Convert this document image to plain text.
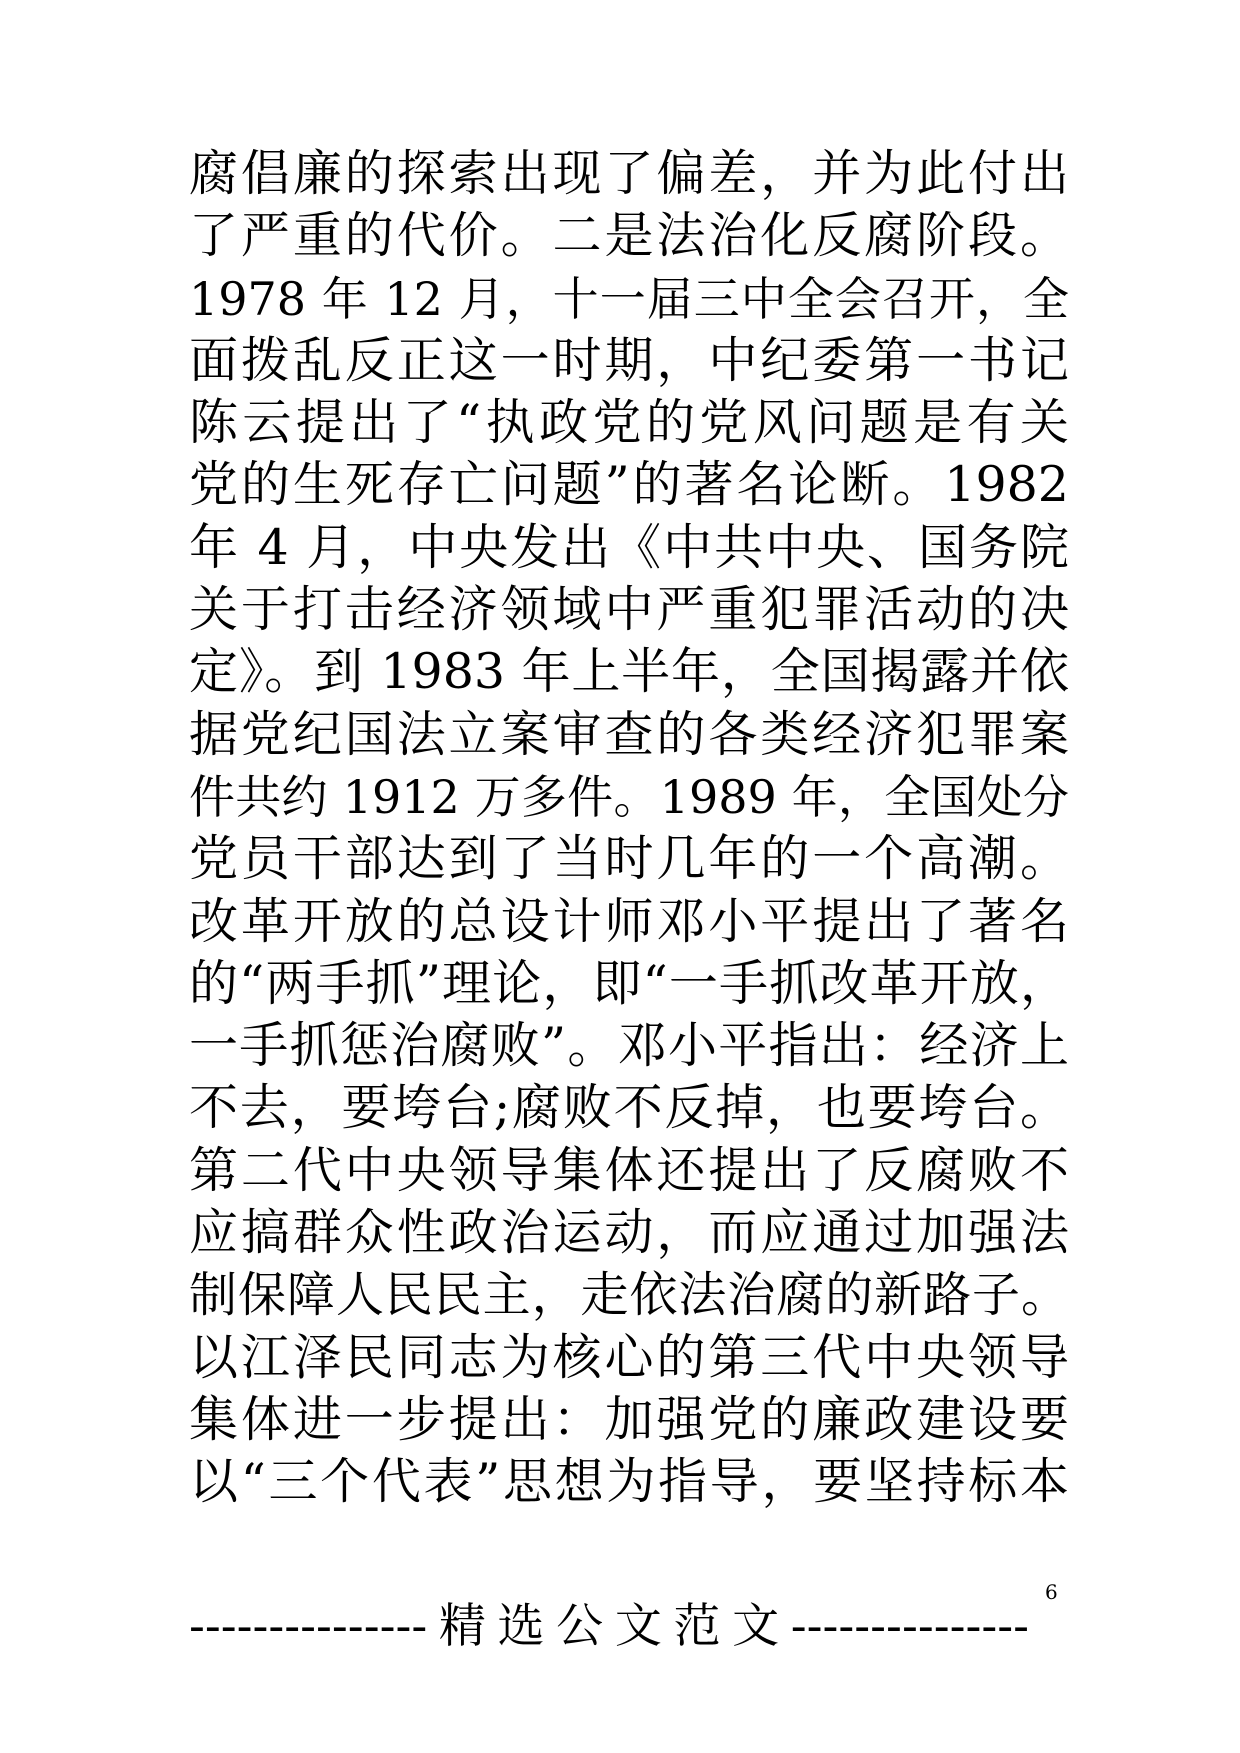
腐倡廉的探索出现了偏差，并为此付出
了严重的代价。二是法治化反腐阶段。
1978 年 12 月，十一届三中全会召开，全
面拨乱反正这一时期，中纪委第一书记
陈云提出了“执政党的党风问题是有关
党的生死存亡问题”的著名论断。1982
年 4 月，中央发出《中共中央、国务院
关于打击经济领域中严重犯罪活动的决
定》。到 1983 年上半年，全国揭露并依
据党纪国法立案审查的各类经济犯罪案
件共约 1912 万多件。1989 年，全国处分
党员干部达到了当时几年的一个高潮。
改革开放的总设计师邓小平提出了著名
的“两手抓”理论，即“一手抓改革开放，
一手抓惩治腐败”。邓小平指出：经济上
不去，要垮台;腐败不反掉，也要垮台。
第二代中央领导集体还提出了反腐败不
应搞群众性政治运动，而应通过加强法
制保障人民民主，走依法治腐的新路子。
以江泽民同志为核心的第三代中央领导
集体进一步提出：加强党的廉政建设要
以“三个代表”思想为指导，要坚持标本
---------------精选公文范文---------------
6
